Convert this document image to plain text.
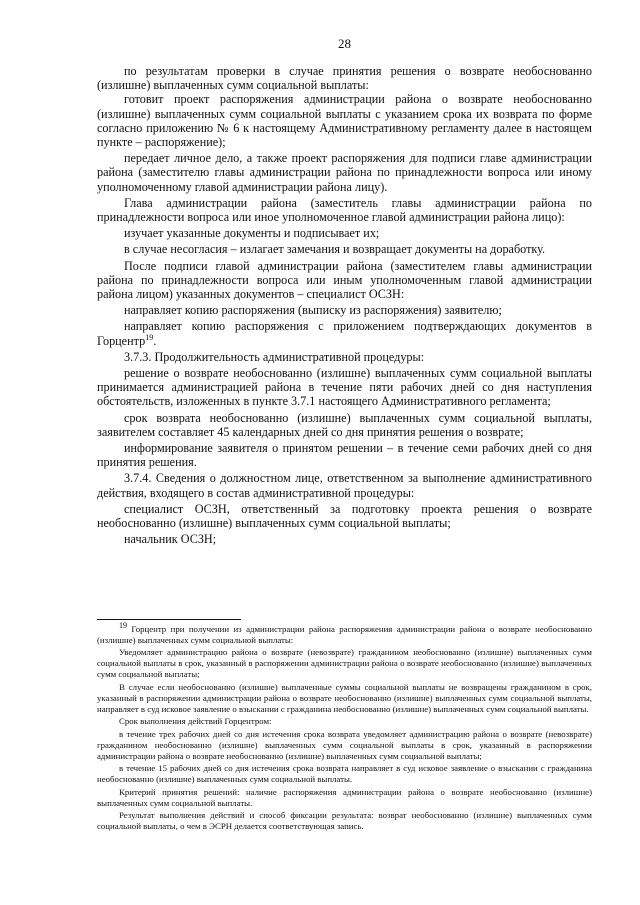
28

по результатам проверки в случае принятия решения о возврате необоснованно (излишне) выплаченных сумм социальной выплаты:

готовит проект распоряжения администрации района о возврате необоснованно (излишне) выплаченных сумм социальной выплаты с указанием срока их возврата по форме согласно приложению № 6 к настоящему Административному регламенту далее в настоящем пункте – распоряжение);

передает личное дело, а также проект распоряжения для подписи главе администрации района (заместителю главы администрации района по принадлежности вопроса или иному уполномоченному главой администрации района лицу).

Глава администрации района (заместитель главы администрации района по принадлежности вопроса или иное уполномоченное главой администрации района лицо):

изучает указанные документы и подписывает их;

в случае несогласия – излагает замечания и возвращает документы на доработку.

После подписи главой администрации района (заместителем главы администрации района по принадлежности вопроса или иным уполномоченным главой администрации района лицом) указанных документов – специалист ОСЗН:

направляет копию распоряжения (выписку из распоряжения) заявителю;

направляет копию распоряжения с приложением подтверждающих документов в Горцентр$^{19}$.

3.7.3. Продолжительность административной процедуры:

решение о возврате необоснованно (излишне) выплаченных сумм социальной выплаты принимается администрацией района в течение пяти рабочих дней со дня наступления обстоятельств, изложенных в пункте 3.7.1 настоящего Административного регламента;

срок возврата необоснованно (излишне) выплаченных сумм социальной выплаты, заявителем составляет 45 календарных дней со дня принятия решения о возврате;

информирование заявителя о принятом решении – в течение семи рабочих дней со дня принятия решения.

3.7.4. Сведения о должностном лице, ответственном за выполнение административного действия, входящего в состав административной процедуры:

специалист ОСЗН, ответственный за подготовку проекта решения о возврате необоснованно (излишне) выплаченных сумм социальной выплаты;

начальник ОСЗН;

$^{19}$ Горцентр при получении из администрации района распоряжения администрации района о возврате необоснованно (излишне) выплаченных сумм социальной выплаты:

Уведомляет администрацию района о возврате (невозврате) гражданином необоснованно (излишне) выплаченных сумм социальной выплаты в срок, указанный в распоряжении администрации района о возврате необоснованно (излишне) выплаченных сумм социальной выплаты;

В случае если необоснованно (излишне) выплаченные суммы социальной выплаты не возвращены гражданином в срок, указанный в распоряжении администрации района о возврате необоснованно (излишне) выплаченных сумм социальной выплаты, направляет в суд исковое заявление о взыскании с гражданина необоснованно (излишне) выплаченных сумм социальной выплаты.

Срок выполнения действий Горцентром:

в течение трех рабочих дней со дня истечения срока возврата уведомляет администрацию района о возврате (невозврате) гражданином необоснованно (излишне) выплаченных сумм социальной выплаты в срок, указанный в распоряжении администрации района о возврате необоснованно (излишне) выплаченных сумм социальной выплаты;

в течение 15 рабочих дней со дня истечения срока возврата направляет в суд исковое заявление о взыскании с гражданина необоснованно (излишне) выплаченных сумм социальной выплаты.

Критерий принятия решений: наличие распоряжения администрации района о возврате необоснованно (излишне) выплаченных сумм социальной выплаты.

Результат выполнения действий и способ фиксации результата: возврат необоснованно (излишне) выплаченных сумм социальной выплаты, о чем в ЭСРН делается соответствующая запись.
